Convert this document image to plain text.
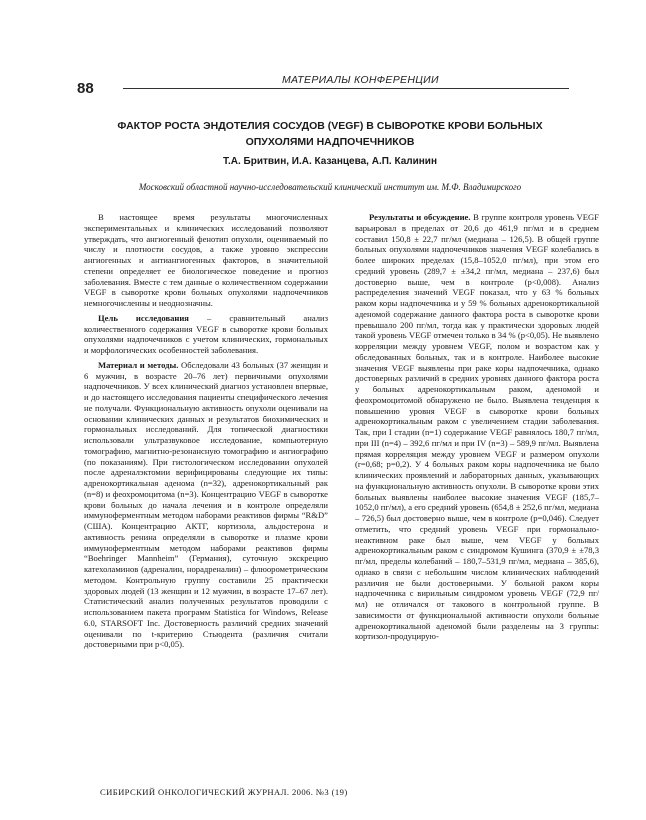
88	МАТЕРИАЛЫ КОНФЕРЕНЦИИ
ФАКТОР РОСТА ЭНДОТЕЛИЯ СОСУДОВ (VEGF) В СЫВОРОТКЕ КРОВИ БОЛЬНЫХ ОПУХОЛЯМИ НАДПОЧЕЧНИКОВ
Т.А. Бритвин, И.А. Казанцева, А.П. Калинин
Московский областной научно-исследовательский клинический институт им. М.Ф. Владимирского

В настоящее время результаты многочисленных экспериментальных и клинических исследований позволяют утверждать, что ангиогенный фенотип опухоли, оцениваемый по числу и плотности сосудов, а также уровню экспрессии ангиогенных и антиангиогенных факторов, в значительной степени определяет ее биологическое поведение и прогноз заболевания. Вместе с тем данные о количественном содержании VEGF в сыворотке крови больных опухолями надпочечников немногочисленны и неоднозначны.

Цель исследования – сравнительный анализ количественного содержания VEGF в сыворотке крови больных опухолями надпочечников с учетом клинических, гормональных и морфологических особенностей заболевания.

Материал и методы. Обследовали 43 больных (37 женщин и 6 мужчин, в возрасте 20–76 лет) первичными опухолями надпочечников. У всех клинический диагноз установлен впервые, и до настоящего исследования пациенты специфического лечения не получали. Функциональную активность опухоли оценивали на основании клинических данных и результатов биохимических и гормональных исследований. Для топической диагностики использовали ультразвуковое исследование, компьютерную томографию, магнитно-резонансную томографию и ангиографию (по показаниям). При гистологическом исследовании опухолей после адреналэктомии верифицированы следующие их типы: адренокортикальная аденома (n=32), адренокортикальный рак (n=8) и феохромоцитома (n=3). Концентрацию VEGF в сыворотке крови больных до начала лечения и в контроле определяли иммуноферментным методом наборами реактивов фирмы “R&D” (США). Концентрацию АКТГ, кортизола, альдостерона и активность ренина определяли в сыворотке и плазме крови иммуноферментным методом наборами реактивов фирмы “Boehringer Mannheim” (Германия), суточную экскрецию катехоламинов (адреналин, норадреналин) – флюорометрическим методом. Контрольную группу составили 25 практически здоровых людей (13 женщин и 12 мужчин, в возрасте 17–67 лет). Статистический анализ полученных результатов проводили с использованием пакета программ Statistica for Windows, Release 6.0, STARSOFT Inc. Достоверность различий средних значений оценивали по t-критерию Стьюдента (различия считали достоверными при p<0,05).

Результаты и обсуждение. В группе контроля уровень VEGF варьировал в пределах от 20,6 до 461,9 пг/мл и в среднем составил 150,8 ± 22,7 пг/мл (медиана – 126,5). В общей группе больных опухолями надпочечников значения VEGF колебались в более широких пределах (15,8–1052,0 пг/мл), при этом его средний уровень (289,7 ± ±34,2 пг/мл, медиана – 237,6) был достоверно выше, чем в контроле (p<0,008). Анализ распределения значений VEGF показал, что у 63 % больных раком коры надпочечника и у 59 % больных адренокортикальной аденомой содержание данного фактора роста в сыворотке крови превышало 200 пг/мл, тогда как у практически здоровых людей такой уровень VEGF отмечен только в 34 % (p<0,05). Не выявлено корреляции между уровнем VEGF, полом и возрастом как у обследованных больных, так и в контроле. Наиболее высокие значения VEGF выявлены при раке коры надпочечника, однако достоверных различий в средних уровнях данного фактора роста у больных адренокортикальным раком, аденомой и феохромоцитомой обнаружено не было. Выявлена тенденция к повышению уровня VEGF в сыворотке крови больных адренокортикальным раком с увеличением стадии заболевания. Так, при I стадии (n=1) содержание VEGF равнялось 180,7 пг/мл, при III (n=4) – 392,6 пг/мл и при IV (n=3) – 589,9 пг/мл. Выявлена прямая корреляция между уровнем VEGF и размером опухоли (r=0,68; p=0,2). У 4 больных раком коры надпочечника не было клинических проявлений и лабораторных данных, указывающих на функциональную активность опухоли. В сыворотке крови этих больных выявлены наиболее высокие значения VEGF (185,7–1052,0 пг/мл), а его средний уровень (654,8 ± 252,6 пг/мл, медиана – 726,5) был достоверно выше, чем в контроле (p=0,046). Следует отметить, что средний уровень VEGF при гормонально-неактивном раке был выше, чем VEGF у больных адренокортикальным раком с синдромом Кушинга (370,9 ± ±78,3 пг/мл, пределы колебаний – 180,7–531,9 пг/мл, медиана – 385,6), однако в связи с небольшим числом клинических наблюдений различия не были достоверными. У больной раком коры надпочечника с вирильным синдромом уровень VEGF (72,9 пг/мл) не отличался от такового в контрольной группе. В зависимости от функциональной активности опухоли больные адренокортикальной аденомой были разделены на 3 группы: кортизол-продуцирую-

СИБИРСКИЙ ОНКОЛОГИЧЕСКИЙ ЖУРНАЛ. 2006. №3 (19)
